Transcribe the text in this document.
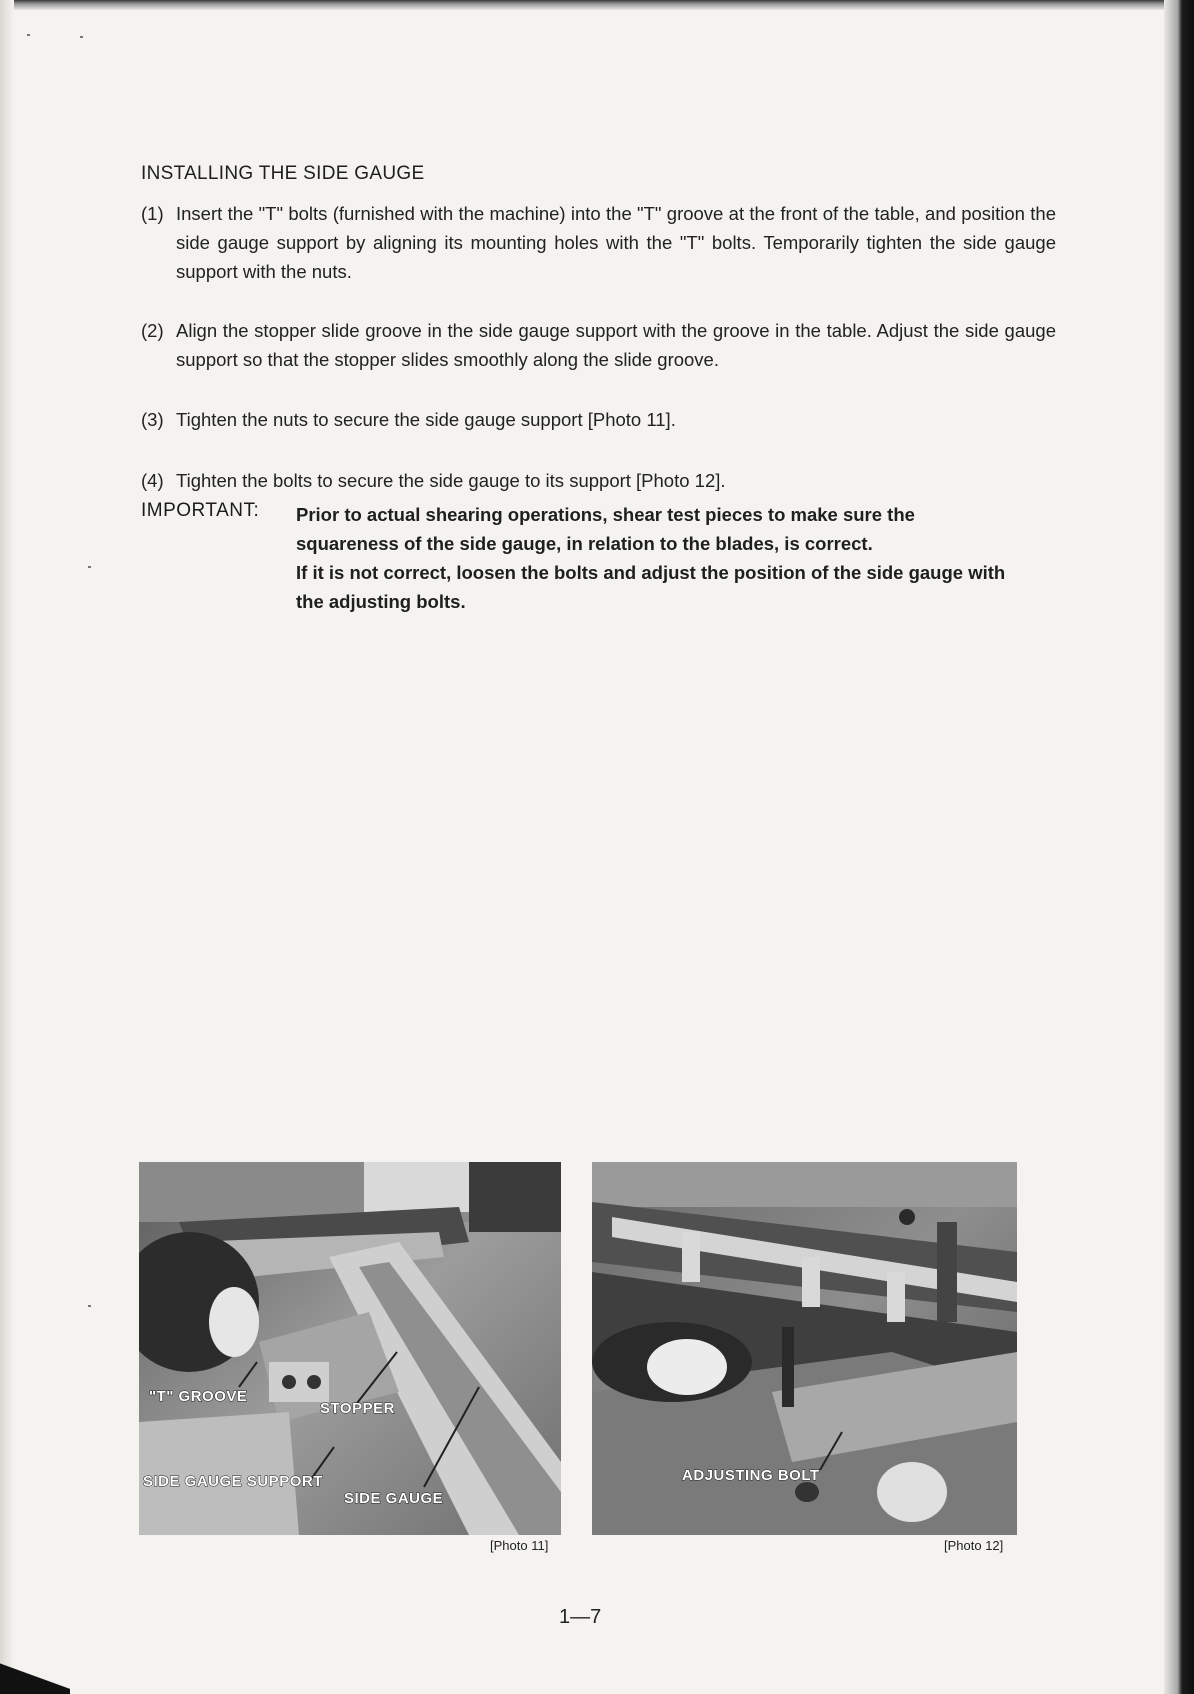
INSTALLING THE SIDE GAUGE
(1) Insert the "T" bolts (furnished with the machine) into the "T" groove at the front of the table, and position the side gauge support by aligning its mounting holes with the "T" bolts. Temporarily tighten the side gauge support with the nuts.
(2) Align the stopper slide groove in the side gauge support with the groove in the table. Adjust the side gauge support so that the stopper slides smoothly along the slide groove.
(3) Tighten the nuts to secure the side gauge support [Photo 11].
(4) Tighten the bolts to secure the side gauge to its support [Photo 12].
IMPORTANT: Prior to actual shearing operations, shear test pieces to make sure the squareness of the side gauge, in relation to the blades, is correct.

If it is not correct, loosen the bolts and adjust the position of the side gauge with the adjusting bolts.

"T" GROOVE
STOPPER
SIDE GAUGE SUPPORT
SIDE GAUGE
[Photo 11]
ADJUSTING BOLT
[Photo 12]
1—7
